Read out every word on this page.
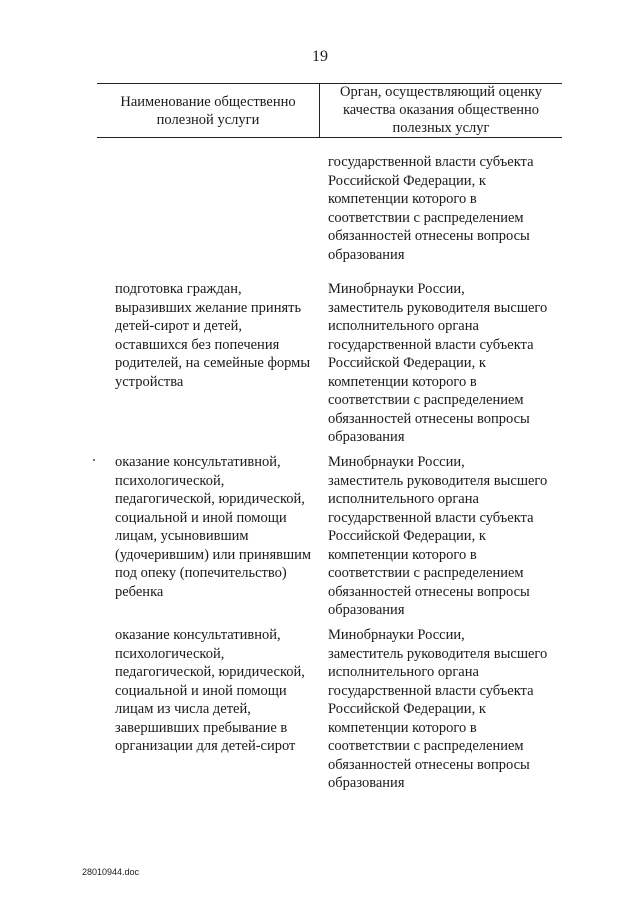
19
Наименование общественно
полезной услуги
Орган, осуществляющий оценку
качества оказания общественно
полезных услуг
государственной власти субъекта
Российской Федерации, к
компетенции которого в
соответствии с распределением
обязанностей отнесены вопросы
образования
подготовка граждан,
выразивших желание принять
детей-сирот и детей,
оставшихся без попечения
родителей, на семейные формы
устройства
Минобрнауки России,
заместитель руководителя высшего
исполнительного органа
государственной власти субъекта
Российской Федерации, к
компетенции которого в
соответствии с распределением
обязанностей отнесены вопросы
образования
оказание консультативной,
психологической,
педагогической, юридической,
социальной и иной помощи
лицам, усыновившим
(удочерившим) или принявшим
под опеку (попечительство)
ребенка
Минобрнауки России,
заместитель руководителя высшего
исполнительного органа
государственной власти субъекта
Российской Федерации, к
компетенции которого в
соответствии с распределением
обязанностей отнесены вопросы
образования
оказание консультативной,
психологической,
педагогической, юридической,
социальной и иной помощи
лицам из числа детей,
завершивших пребывание в
организации для детей-сирот
Минобрнауки России,
заместитель руководителя высшего
исполнительного органа
государственной власти субъекта
Российской Федерации, к
компетенции которого в
соответствии с распределением
обязанностей отнесены вопросы
образования
28010944.doc
